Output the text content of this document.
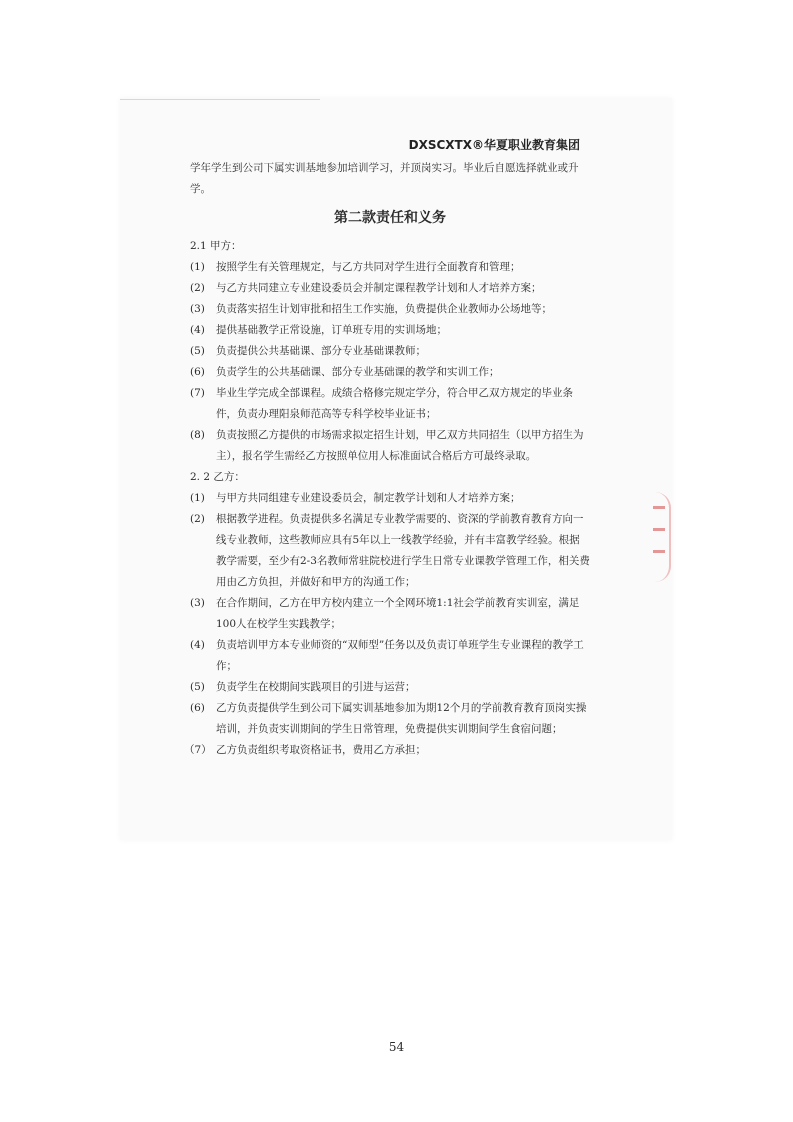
DXSCXTX®华夏职业教育集团

学年学生到公司下属实训基地参加培训学习，并顶岗实习。毕业后自愿选择就业或升学。

第二款责任和义务

2.1 甲方：

(1)	按照学生有关管理规定，与乙方共同对学生进行全面教育和管理；
(2)	与乙方共同建立专业建设委员会并制定课程教学计划和人才培养方案；
(3)	负责落实招生计划审批和招生工作实施，负费提供企业教师办公场地等；
(4)	提供基础教学正常设施，订单班专用的实训场地；
(5)	负责提供公共基础课、部分专业基础课教师；
(6)	负责学生的公共基础课、部分专业基础课的教学和实训工作；
(7)	毕业生学完成全部课程。成绩合格修完规定学分，符合甲乙双方规定的毕业条件，负责办理阳泉师范高等专科学校毕业证书；
(8)	负责按照乙方提供的市场需求拟定招生计划，甲乙双方共同招生（以甲方招生为主），报名学生需经乙方按照单位用人标准面试合格后方可最终录取。

2. 2 乙方：

(1)	与甲方共同组建专业建设委员会，制定教学计划和人才培养方案；
(2)	根据教学进程。负责提供多名满足专业教学需要的、资深的学前教育教育方向一线专业教师，这些教师应具有5年以上一线教学经验，并有丰富教学经验。根据教学需要，至少有2-3名教师常驻院校进行学生日常专业课教学管理工作，相关费用由乙方负担，并做好和甲方的沟通工作；
(3)	在合作期间，乙方在甲方校内建立一个全网环境1:1社会学前教育实训室，满足100人在校学生实践教学；
(4)	负责培训甲方本专业师资的“双师型”任务以及负责订单班学生专业课程的教学工作；
(5)	负责学生在校期间实践项目的引进与运营；
(6)	乙方负责提供学生到公司下属实训基地参加为期12个月的学前教育教育顶岗实操培训，并负责实训期间的学生日常管理，免费提供实训期间学生食宿问题；
（7） 乙方负责组织考取资格证书，费用乙方承担；
54
